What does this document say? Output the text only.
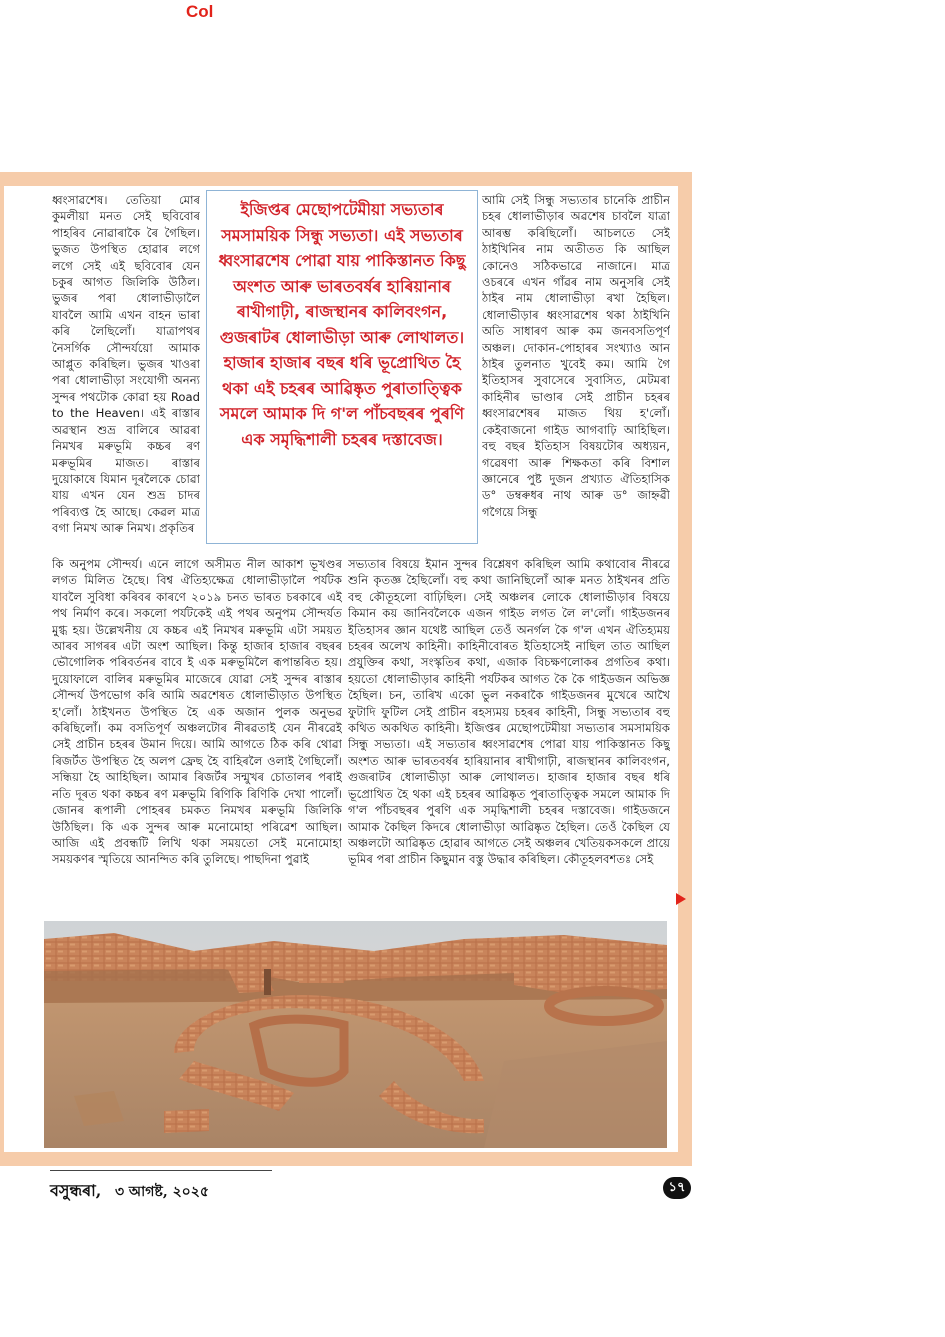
Col
ধ্বংসাৱশেষ। তেতিয়া মোৰ কুমলীয়া মনত সেই ছবিবোৰ পাহৰিব নোৱাৰাকৈ ৰৈ গৈছিল। ভুজত উপস্থিত হোৱাৰ লগে লগে সেই এই ছবিবোৰ যেন চকুৰ আগত জিলিকি উঠিল। ভুজৰ পৰা ধোলাভীড়ালৈ যাবলৈ আমি এখন বাহন ভাৰা কৰি লৈছিলোঁ। যাত্ৰাপথৰ নৈসৰ্গিক সৌন্দৰ্যয়ো আমাক আপ্লুত কৰিছিল। ভুজৰ খাওৰা পৰা ধোলাভীড়া সংযোগী অনন্য সুন্দৰ পথটোক কোৱা হয় Road to the Heaven। এই ৰাস্তাৰ অৱস্থান শুভ্ৰ বালিৰে আৱৰা নিমখৰ মৰুভূমি কচ্চৰ ৰণ মৰুভূমিৰ মাজত। ৰাস্তাৰ দুয়োকাষে যিমান দূৰলৈকে চোৱা যায় এখন যেন শুভ্ৰ চাদৰ পৰিব্যপ্ত হৈ আছে। কেৱল মাত্ৰ বগা নিমখ আৰু নিমখ। প্ৰকৃতিৰ
ইজিপ্তৰ মেছোপটেমীয়া সভ্যতাৰ সমসাময়িক সিন্ধু সভ্যতা। এই সভ্যতাৰ ধ্বংসাৱশেষ পোৱা যায় পাকিস্তানত কিছু অংশত আৰু ভাৰতবৰ্ষৰ হাৰিয়ানাৰ ৰাখীগাঢ়ী, ৰাজস্থানৰ কালিবংগন, গুজৰাটৰ ধোলাভীড়া আৰু লোথালত। হাজাৰ হাজাৰ বছৰ ধৰি ভূপ্ৰোথিত হৈ থকা এই চহৰৰ আৱিষ্কৃত পুৰাতাত্ত্বিক সমলে আমাক দি গ'ল পাঁচবছৰৰ পুৰণি এক সমৃদ্ধিশালী চহৰৰ দস্তাবেজ।
আমি সেই সিন্ধু সভ্যতাৰ চানেকি প্ৰাচীন চহৰ ধোলাভীড়াৰ অৱশেষ চাবলৈ যাত্ৰা আৰম্ভ কৰিছিলোঁ। আচলতে সেই ঠাইখিনিৰ নাম অতীতত কি আছিল কোনেও সঠিকভাৱে নাজানে। মাত্ৰ ওচৰৰে এখন গাঁৱৰ নাম অনুসৰি সেই ঠাইৰ নাম ধোলাভীড়া ৰখা হৈছিল। ধোলাভীড়াৰ ধ্বংসাৱশেষ থকা ঠাইখিনি অতি সাধাৰণ আৰু কম জনবসতিপূৰ্ণ অঞ্চল। দোকান-পোহাৰৰ সংখ্যাও আন ঠাইৰ তুলনাত খুবেই কম। আমি গৈ ইতিহাসৰ সুবাসেৰে সুবাসিত, মেটমৰা কাহিনীৰ ভাণ্ডাৰ সেই প্ৰাচীন চহৰৰ ধ্বংসাৱশেষৰ মাজত থিয় হ'লোঁ। কেইবাজনো গাইড আগবাঢ়ি আহিছিল। বহু বছৰ ইতিহাস বিষয়টোৰ অধ্যয়ন, গৱেষণা আৰু শিক্ষকতা কৰি বিশাল জ্ঞানেৰে পুষ্ট দুজন প্ৰখ্যাত ঐতিহাসিক ড° ডম্বৰুধৰ নাথ আৰু ড° জাহ্নৱী গগৈয়ে সিন্ধু
কি অনুপম সৌন্দৰ্য। এনে লাগে অসীমত নীল আকাশ ভূখণ্ডৰ লগত মিলিত হৈছে। বিশ্ব ঐতিহ্যক্ষেত্ৰ ধোলাভীড়ালৈ পৰ্যটক যাবলৈ সুবিধা কৰিবৰ কাৰণে ২০১৯ চনত ভাৰত চৰকাৰে এই পথ নিৰ্মাণ কৰে। সকলো পৰ্যটকেই এই পথৰ অনুপম সৌন্দৰ্যত মুগ্ধ হয়। উল্লেখনীয় যে কচ্চৰ এই নিমখৰ মৰুভূমি এটা সময়ত আৰব সাগৰৰ এটা অংশ আছিল। কিন্তু হাজাৰ হাজাৰ বছৰৰ ভৌগোলিক পৰিবৰ্তনৰ বাবে ই এক মৰুভূমিলৈ ৰূপান্তৰিত হয়। দুয়োফালে বালিৰ মৰুভূমিৰ মাজেৰে যোৱা সেই সুন্দৰ ৰাস্তাৰ সৌন্দৰ্য উপভোগ কৰি আমি অৱশেষত ধোলাভীড়াত উপস্থিত হ'লোঁ। ঠাইখনত উপস্থিত হৈ এক অজান পুলক অনুভৱ কৰিছিলোঁ। কম বসতিপূৰ্ণ অঞ্চলটোৰ নীৰৱতাই যেন নীৰৱেই সেই প্ৰাচীন চহৰৰ উমান দিয়ে। আমি আগতে ঠিক কৰি থোৱা ৰিজৰ্টত উপস্থিত হৈ অলপ ফ্ৰেছ হৈ বাহিৰলৈ ওলাই গৈছিলোঁ। সন্ধিয়া হৈ আহিছিল। আমাৰ ৰিজৰ্টৰ সন্মুখৰ চোতালৰ পৰাই নতি দূৰত থকা কচ্চৰ ৰণ মৰুভূমি ৰিণিকি ৰিণিকি দেখা পালোঁ। জোনৰ ৰূপালী পোহৰৰ চমকত নিমখৰ মৰুভূমি জিলিকি উঠিছিল। কি এক সুন্দৰ আৰু মনোমোহা পৰিৱেশ আছিল। আজি এই প্ৰবন্ধটি লিখি থকা সময়তো সেই মনোমোহা সময়কণৰ স্মৃতিয়ে আনন্দিত কৰি তুলিছে। পাছদিনা পুৱাই
সভ্যতাৰ বিষয়ে ইমান সুন্দৰ বিশ্লেষণ কৰিছিল আমি কথাবোৰ নীৰৱে শুনি কৃতজ্ঞ হৈছিলোঁ। বহু কথা জানিছিলোঁ আৰু মনত ঠাইখনৰ প্ৰতি বহু কৌতূহলো বাঢ়িছিল। সেই অঞ্চলৰ লোকে ধোলাভীড়াৰ বিষয়ে কিমান কয় জানিবলৈকে এজন গাইড লগত লৈ ল'লোঁ। গাইডজনৰ ইতিহাসৰ জ্ঞান যথেষ্ট আছিল তেওঁ অনৰ্গল কৈ গ'ল এখন ঐতিহ্যময় চহৰৰ অলেখ কাহিনী। কাহিনীবোৰত ইতিহাসেই নাছিল তাত আছিল প্ৰযুক্তিৰ কথা, সংস্কৃতিৰ কথা, এজাক বিচক্ষণলোকৰ প্ৰগতিৰ কথা। হয়তো ধোলাভীড়াৰ কাহিনী পৰ্যটকৰ আগত কৈ কৈ গাইডজন অভিজ্ঞ হৈছিল। চন, তাৰিখ একো ভুল নকৰাকৈ গাইডজনৰ মুখেৰে আখৈ ফুটাদি ফুটিল সেই প্ৰাচীন ৰহস্যময় চহৰৰ কাহিনী, সিন্ধু সভ্যতাৰ বহু কথিত অকথিত কাহিনী। ইজিপ্তৰ মেছোপটেমীয়া সভ্যতাৰ সমসাময়িক সিন্ধু সভ্যতা। এই সভ্যতাৰ ধ্বংসাৱশেষ পোৱা যায় পাকিস্তানত কিছু অংশত আৰু ভাৰতবৰ্ষৰ হাৰিয়ানাৰ ৰাখীগাঢ়ী, ৰাজস্থানৰ কালিবংগন, গুজৰাটৰ ধোলাভীড়া আৰু লোথালত। হাজাৰ হাজাৰ বছৰ ধৰি ভূপ্ৰোথিত হৈ থকা এই চহৰৰ আৱিষ্কৃত পুৰাতাত্ত্বিক সমলে আমাক দি গ'ল পাঁচবছৰৰ পুৰণি এক সমৃদ্ধিশালী চহৰৰ দস্তাবেজ। গাইডজনে আমাক কৈছিল কিদৰে ধোলাভীড়া আৱিষ্কৃত হৈছিল। তেওঁ কৈছিল যে অঞ্চলটো আৱিষ্কৃত হোৱাৰ আগতে সেই অঞ্চলৰ খেতিয়কসকলে প্ৰায়ে ভূমিৰ পৰা প্ৰাচীন কিছুমান বস্তু উদ্ধাৰ কৰিছিল। কৌতূহলবশতঃ সেই
বসুন্ধৰা, ৩ আগষ্ট, ২০২৫	১৭
